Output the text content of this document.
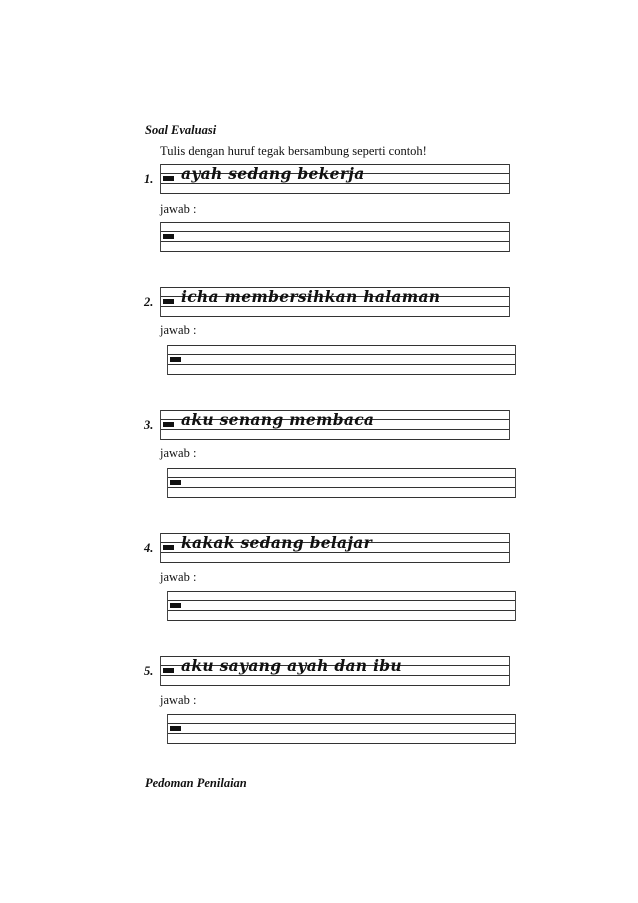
Soal Evaluasi
Tulis dengan huruf tegak bersambung seperti contoh!
1. ayah sedang bekerja
jawab :
2. icha membersihkan halaman
jawab :
3. aku senang membaca
jawab :
4. kakak sedang belajar
jawab :
5. aku sayang ayah dan ibu
jawab :
Pedoman Penilaian
